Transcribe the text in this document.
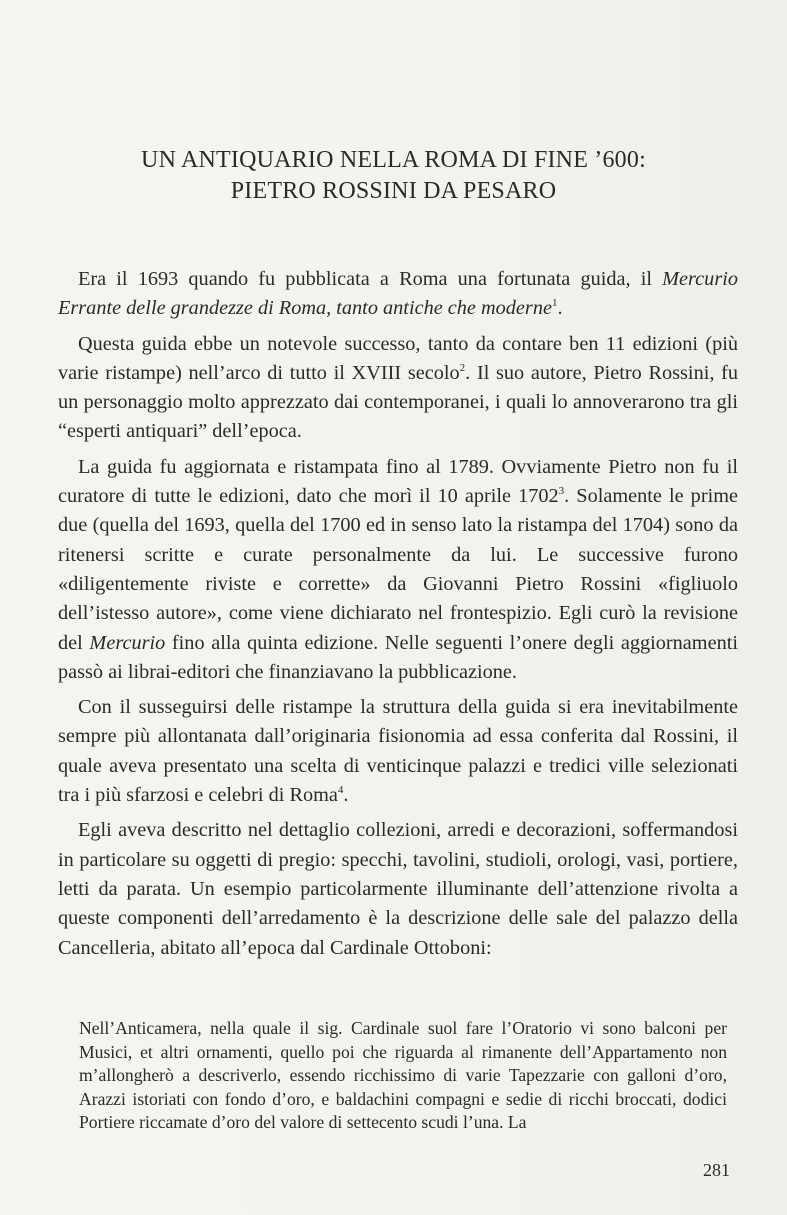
UN ANTIQUARIO NELLA ROMA DI FINE ’600:
PIETRO ROSSINI DA PESARO

Era il 1693 quando fu pubblicata a Roma una fortunata guida, il Mercurio Errante delle grandezze di Roma, tanto antiche che moderne$^1$.

Questa guida ebbe un notevole successo, tanto da contare ben 11 edizioni (più varie ristampe) nell’arco di tutto il XVIII secolo$^2$. Il suo autore, Pietro Rossini, fu un personaggio molto apprezzato dai contemporanei, i quali lo annoverarono tra gli “esperti antiquari” dell’epoca.

La guida fu aggiornata e ristampata fino al 1789. Ovviamente Pietro non fu il curatore di tutte le edizioni, dato che morì il 10 aprile 1702$^3$. Solamente le prime due (quella del 1693, quella del 1700 ed in senso lato la ristampa del 1704) sono da ritenersi scritte e curate personalmente da lui. Le successive furono «diligentemente riviste e corrette» da Giovanni Pietro Rossini «figliuolo dell’istesso autore», come viene dichiarato nel frontespizio. Egli curò la revisione del Mercurio fino alla quinta edizione. Nelle seguenti l’onere degli aggiornamenti passò ai librai-editori che finanziavano la pubblicazione.

Con il susseguirsi delle ristampe la struttura della guida si era inevitabilmente sempre più allontanata dall’originaria fisionomia ad essa conferita dal Rossini, il quale aveva presentato una scelta di venticinque palazzi e tredici ville selezionati tra i più sfarzosi e celebri di Roma$^4$.

Egli aveva descritto nel dettaglio collezioni, arredi e decorazioni, soffermandosi in particolare su oggetti di pregio: specchi, tavolini, studioli, orologi, vasi, portiere, letti da parata. Un esempio particolarmente illuminante dell’attenzione rivolta a queste componenti dell’arredamento è la descrizione delle sale del palazzo della Cancelleria, abitato all’epoca dal Cardinale Ottoboni:

Nell’Anticamera, nella quale il sig. Cardinale suol fare l’Oratorio vi sono balconi per Musici, et altri ornamenti, quello poi che riguarda al rimanente dell’Appartamento non m’allongherò a descriverlo, essendo ricchissimo di varie Tapezzarie con galloni d’oro, Arazzi istoriati con fondo d’oro, e baldachini compagni e sedie di ricchi broccati, dodici Portiere riccamate d’oro del valore di settecento scudi l’una. La

281
